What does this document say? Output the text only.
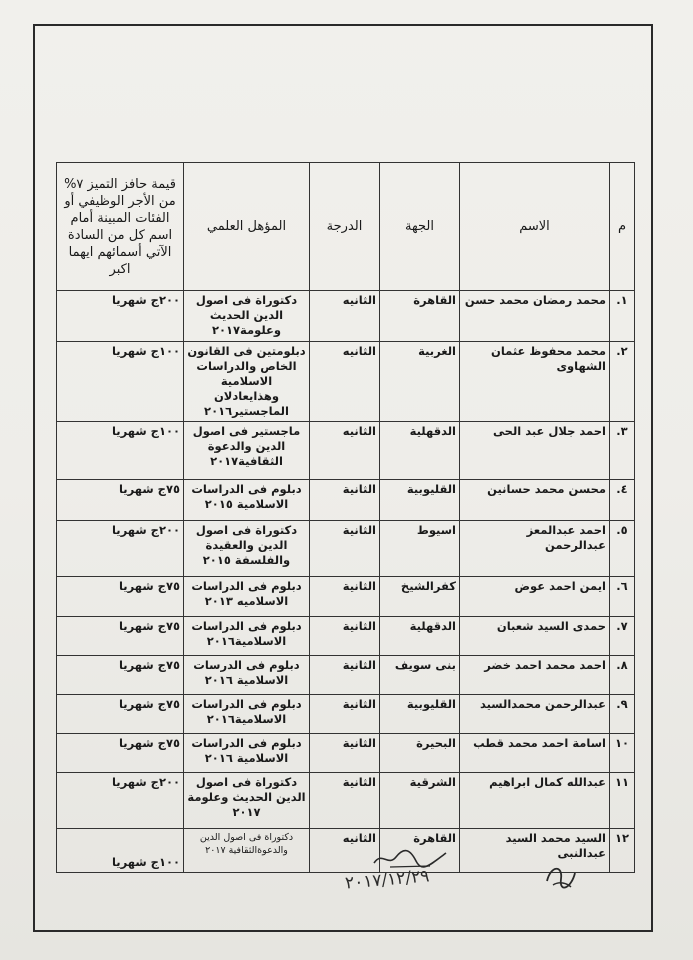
م	الاسم	الجهة	الدرجة	المؤهل العلمي	قيمة حافز التميز ٧% من الأجر الوظيفي أو الفئات المبينة أمام اسم كل من السادة الآتي أسمائهم ايهما اكبر
١.	محمد رمضان محمد حسن	القاهرة	الثانيه	دكتوراة فى اصول الدين الحديث وعلومة٢٠١٧	٢٠٠ج شهريا
٢.	محمد محفوظ عثمان الشهاوى	الغربية	الثانيه	دبلومتين فى القانون الخاص والدراسات الاسلامية وهذايعادلان الماجستير٢٠١٦	١٠٠ج شهريا
٣.	احمد جلال عبد الحى	الدقهلية	الثانيه	ماجستير فى اصول الدين والدعوة الثقافية٢٠١٧	١٠٠ج شهريا
٤.	محسن محمد حسانين	القليوبية	الثانية	دبلوم فى الدراسات الاسلامية ٢٠١٥	٧٥ج شهريا
٥.	احمد عبدالمعز عبدالرحمن	اسيوط	الثانية	دكتوراة فى اصول الدين والعقيدة والفلسفة ٢٠١٥	٢٠٠ج شهريا
٦.	ايمن احمد عوض	كفرالشيخ	الثانية	دبلوم فى الدراسات الاسلاميه ٢٠١٣	٧٥ج شهريا
٧.	حمدى السيد شعبان	الدقهلية	الثانية	دبلوم فى الدراسات الاسلامية٢٠١٦	٧٥ج شهريا
٨.	احمد محمد احمد خضر	بنى سويف	الثانية	دبلوم فى الدرسات الاسلامية ٢٠١٦	٧٥ج شهريا
٩.	عبدالرحمن محمدالسيد	القليوبية	الثانية	دبلوم فى الدراسات الاسلامية٢٠١٦	٧٥ج شهريا
١٠	اسامة احمد محمد قطب	البحيرة	الثانية	دبلوم فى الدراسات الاسلامية ٢٠١٦	٧٥ج شهريا
١١	عبدالله كمال ابراهيم	الشرقية	الثانية	دكتوراة فى اصول الدين الحديث وعلومة ٢٠١٧	٢٠٠ج شهريا
١٢	السيد محمد السيد عبدالنبى	القاهرة	الثانيه	دكتوراة فى اصول الدين والدعوةالثقافية ٢٠١٧	١٠٠ج شهريا
٢٠١٧/١٢/٢٩
